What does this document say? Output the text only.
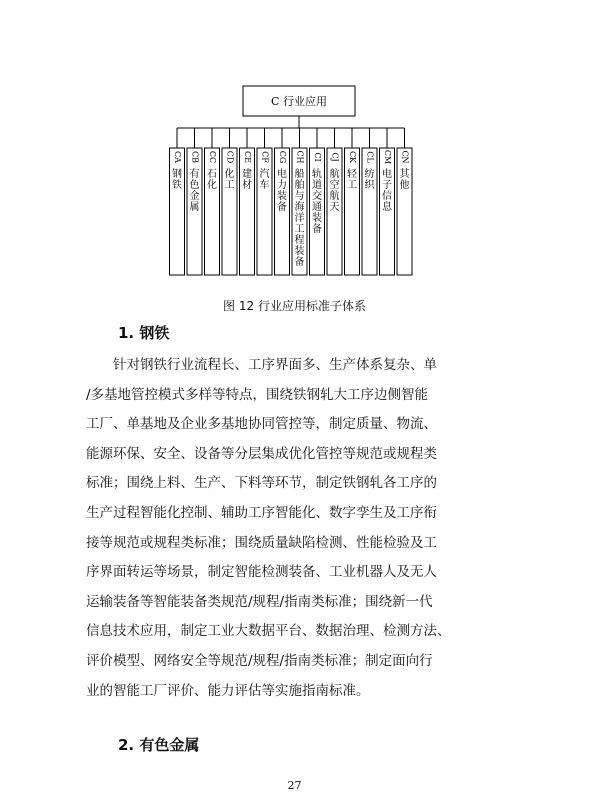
C 行业应用
CA
钢铁
CB
有色金属
CC
石化
CD
化工
CE
建材
CF
汽车
CG
电力装备
CH
船舶与海洋工程装备
CI
轨道交通装备
CJ
航空航天
CK
轻工
CL
纺织
CM
电子信息
CN
其他
图 12 行业应用标准子体系
1. 钢铁
针对钢铁行业流程长、工序界面多、生产体系复杂、单
/多基地管控模式多样等特点，围绕铁钢轧大工序边侧智能
工厂、单基地及企业多基地协同管控等，制定质量、物流、
能源环保、安全、设备等分层集成优化管控等规范或规程类
标准；围绕上料、生产、下料等环节，制定铁钢轧各工序的
生产过程智能化控制、辅助工序智能化、数字孪生及工序衔
接等规范或规程类标准；围绕质量缺陷检测、性能检验及工
序界面转运等场景，制定智能检测装备、工业机器人及无人
运输装备等智能装备类规范/规程/指南类标准；围绕新一代
信息技术应用，制定工业大数据平台、数据治理、检测方法、
评价模型、网络安全等规范/规程/指南类标准；制定面向行
业的智能工厂评价、能力评估等实施指南标准。
2. 有色金属
27
